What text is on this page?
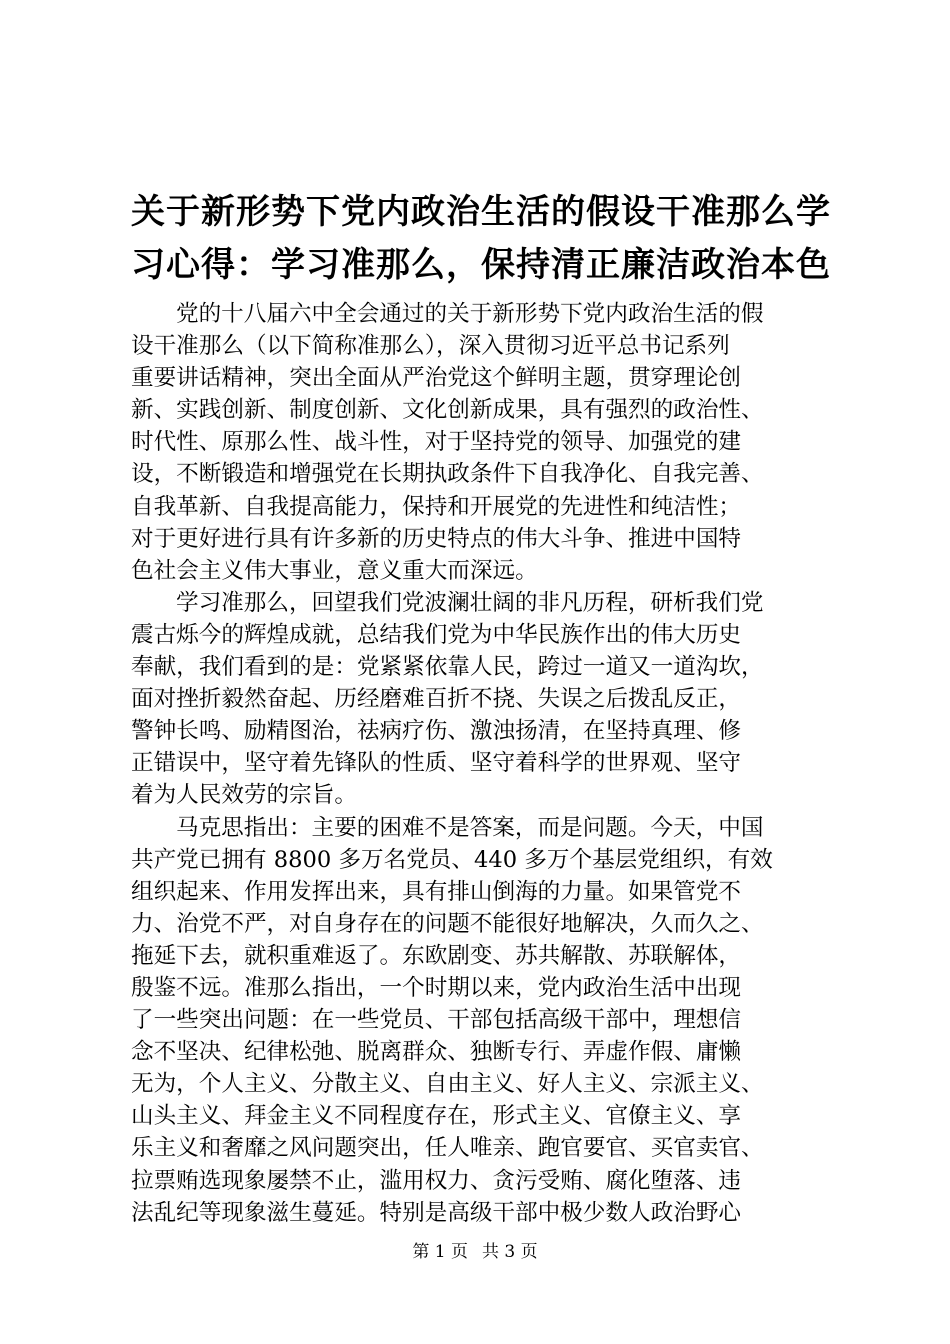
关于新形势下党内政治生活的假设干准那么学
习心得：学习准那么，保持清正廉洁政治本色

党的十八届六中全会通过的关于新形势下党内政治生活的假
设干准那么（以下简称准那么），深入贯彻习近平总书记系列
重要讲话精神，突出全面从严治党这个鲜明主题，贯穿理论创
新、实践创新、制度创新、文化创新成果，具有强烈的政治性、
时代性、原那么性、战斗性，对于坚持党的领导、加强党的建
设，不断锻造和增强党在长期执政条件下自我净化、自我完善、
自我革新、自我提高能力，保持和开展党的先进性和纯洁性；
对于更好进行具有许多新的历史特点的伟大斗争、推进中国特
色社会主义伟大事业，意义重大而深远。

学习准那么，回望我们党波澜壮阔的非凡历程，研析我们党
震古烁今的辉煌成就，总结我们党为中华民族作出的伟大历史
奉献，我们看到的是：党紧紧依靠人民，跨过一道又一道沟坎，
面对挫折毅然奋起、历经磨难百折不挠、失误之后拨乱反正，
警钟长鸣、励精图治，祛病疗伤、激浊扬清，在坚持真理、修
正错误中，坚守着先锋队的性质、坚守着科学的世界观、坚守
着为人民效劳的宗旨。

马克思指出：主要的困难不是答案，而是问题。今天，中国
共产党已拥有 8800 多万名党员、440 多万个基层党组织，有效
组织起来、作用发挥出来，具有排山倒海的力量。如果管党不
力、治党不严，对自身存在的问题不能很好地解决，久而久之、
拖延下去，就积重难返了。东欧剧变、苏共解散、苏联解体，
殷鉴不远。准那么指出，一个时期以来，党内政治生活中出现
了一些突出问题：在一些党员、干部包括高级干部中，理想信
念不坚决、纪律松弛、脱离群众、独断专行、弄虚作假、庸懒
无为，个人主义、分散主义、自由主义、好人主义、宗派主义、
山头主义、拜金主义不同程度存在，形式主义、官僚主义、享
乐主义和奢靡之风问题突出，任人唯亲、跑官要官、买官卖官、
拉票贿选现象屡禁不止，滥用权力、贪污受贿、腐化堕落、违
法乱纪等现象滋生蔓延。特别是高级干部中极少数人政治野心

第 1 页 共 3 页
